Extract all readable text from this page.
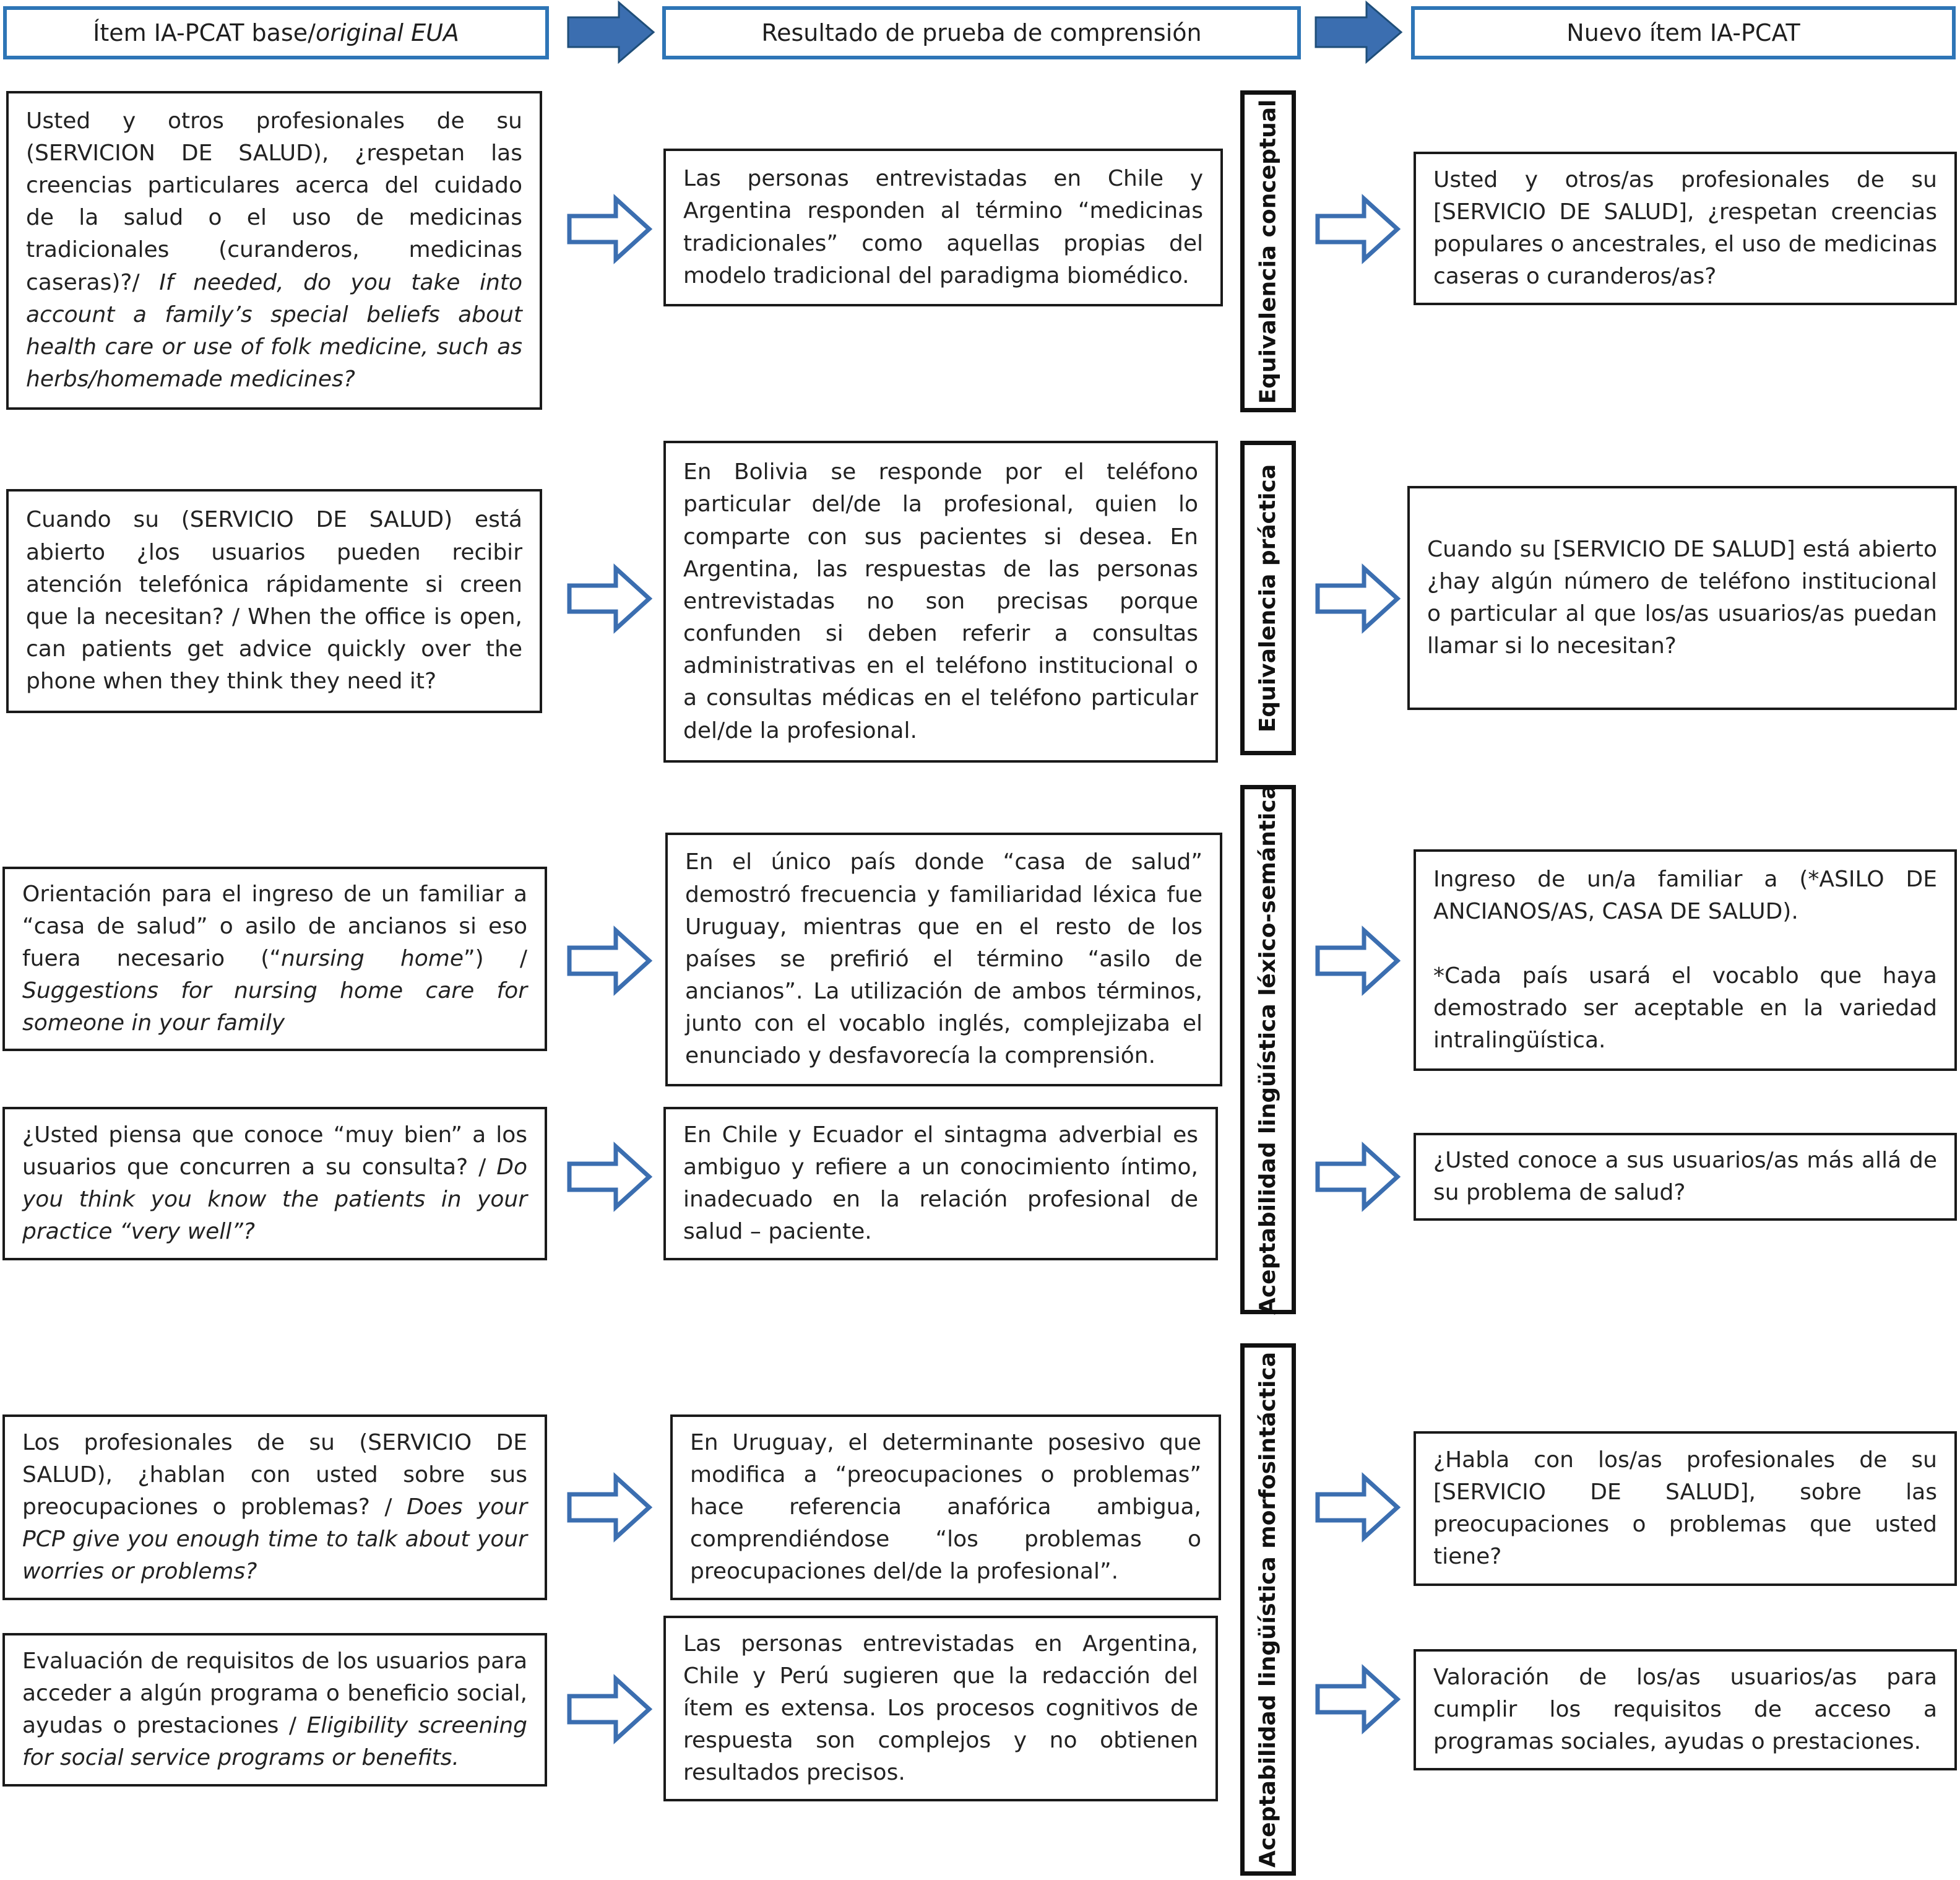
Ítem IA-PCAT base / original EUA	Resultado de prueba de comprensión	Nuevo ítem IA-PCAT
Equivalencia conceptual
Equivalencia práctica
Aceptabilidad lingüística léxico-semántica
Aceptabilidad lingüística morfosintáctica

Usted y otros profesionales de su (SERVICION DE SALUD), ¿respetan las creencias particulares acerca del cuidado de la salud o el uso de medicinas tradicionales (curanderos, medicinas caseras)?/ If needed, do you take into account a family’s special beliefs about health care or use of folk medicine, such as herbs/homemade medicines?

Las personas entrevistadas en Chile y Argentina responden al término “medicinas tradicionales” como aquellas propias del modelo tradicional del paradigma biomédico.

Usted y otros/as profesionales de su [SERVICIO DE SALUD], ¿respetan creencias populares o ancestrales, el uso de medicinas caseras o curanderos/as?

Cuando su (SERVICIO DE SALUD) está abierto ¿los usuarios pueden recibir atención telefónica rápidamente si creen que la necesitan? / When the office is open, can patients get advice quickly over the phone when they think they need it?

En Bolivia se responde por el teléfono particular del/de la profesional, quien lo comparte con sus pacientes si desea. En Argentina, las respuestas de las personas entrevistadas no son precisas porque confunden si deben referir a consultas administrativas en el teléfono institucional o a consultas médicas en el teléfono particular del/de la profesional.

Cuando su [SERVICIO DE SALUD] está abierto ¿hay algún número de teléfono institucional o particular al que los/as usuarios/as puedan llamar si lo necesitan?

Orientación para el ingreso de un familiar a “casa de salud” o asilo de ancianos si eso fuera necesario (“nursing home”) / Suggestions for nursing home care for someone in your family

En el único país donde “casa de salud” demostró frecuencia y familiaridad léxica fue Uruguay, mientras que en el resto de los países se prefirió el término “asilo de ancianos”. La utilización de ambos términos, junto con el vocablo inglés, complejizaba el enunciado y desfavorecía la comprensión.

Ingreso de un/a familiar a (*ASILO DE ANCIANOS/AS, CASA DE SALUD).

*Cada país usará el vocablo que haya demostrado ser aceptable en la variedad intralingüística.

¿Usted piensa que conoce “muy bien” a los usuarios que concurren a su consulta? / Do you think you know the patients in your practice “very well”?

En Chile y Ecuador el sintagma adverbial es ambiguo y refiere a un conocimiento íntimo, inadecuado en la relación profesional de salud – paciente.

¿Usted conoce a sus usuarios/as más allá de su problema de salud?

Los profesionales de su (SERVICIO DE SALUD), ¿hablan con usted sobre sus preocupaciones o problemas? / Does your PCP give you enough time to talk about your worries or problems?

En Uruguay, el determinante posesivo que modifica a “preocupaciones o problemas” hace referencia anafórica ambigua, comprendiéndose “los problemas o preocupaciones del/de la profesional”.

¿Habla con los/as profesionales de su [SERVICIO DE SALUD], sobre las preocupaciones o problemas que usted tiene?

Evaluación de requisitos de los usuarios para acceder a algún programa o beneficio social, ayudas o prestaciones / Eligibility screening for social service programs or benefits.

Las personas entrevistadas en Argentina, Chile y Perú sugieren que la redacción del ítem es extensa. Los procesos cognitivos de respuesta son complejos y no obtienen resultados precisos.

Valoración de los/as usuarios/as para cumplir los requisitos de acceso a programas sociales, ayudas o prestaciones.
